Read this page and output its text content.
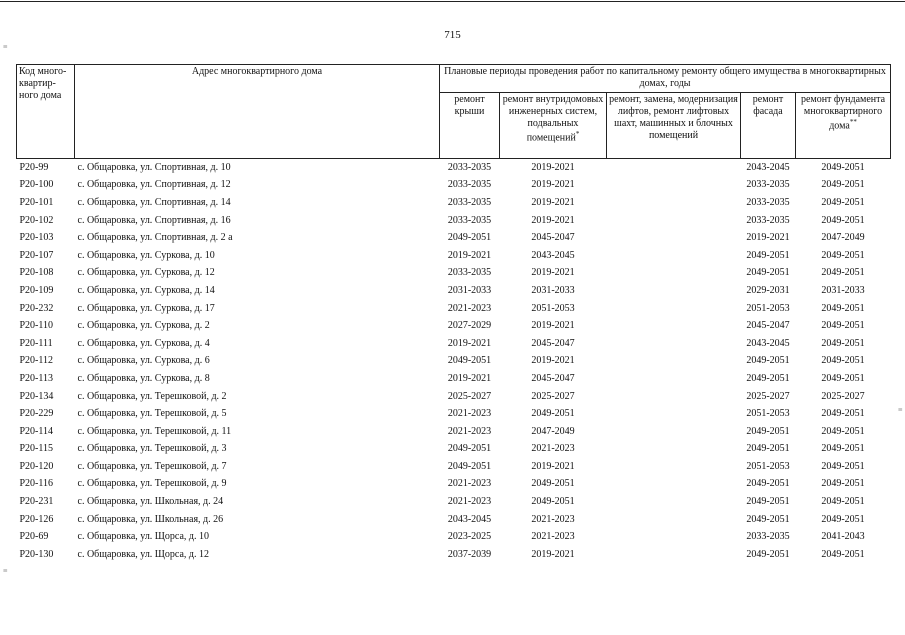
715
≡
≡
≡
Код много-квартир-ного дома	Адрес многоквартирного дома	Плановые периоды проведения работ по капитальному ремонту общего имущества в многоквартирных домах, годы				
		ремонт крыши	ремонт внутридомовых инженерных систем, подвальных помещений*	ремонт, замена, модернизация лифтов, ремонт лифтовых шахт, машинных и блочных помещений	ремонт фасада	ремонт фундамента многоквартирного дома**
Р20-99	с. Общаровка, ул. Спортивная, д. 10	2033-2035	2019-2021		2043-2045	2049-2051
Р20-100	с. Общаровка, ул. Спортивная, д. 12	2033-2035	2019-2021		2033-2035	2049-2051
Р20-101	с. Общаровка, ул. Спортивная, д. 14	2033-2035	2019-2021		2033-2035	2049-2051
Р20-102	с. Общаровка, ул. Спортивная, д. 16	2033-2035	2019-2021		2033-2035	2049-2051
Р20-103	с. Общаровка, ул. Спортивная, д. 2 а	2049-2051	2045-2047		2019-2021	2047-2049
Р20-107	с. Общаровка, ул. Суркова, д. 10	2019-2021	2043-2045		2049-2051	2049-2051
Р20-108	с. Общаровка, ул. Суркова, д. 12	2033-2035	2019-2021		2049-2051	2049-2051
Р20-109	с. Общаровка, ул. Суркова, д. 14	2031-2033	2031-2033		2029-2031	2031-2033
Р20-232	с. Общаровка, ул. Суркова, д. 17	2021-2023	2051-2053		2051-2053	2049-2051
Р20-110	с. Общаровка, ул. Суркова, д. 2	2027-2029	2019-2021		2045-2047	2049-2051
Р20-111	с. Общаровка, ул. Суркова, д. 4	2019-2021	2045-2047		2043-2045	2049-2051
Р20-112	с. Общаровка, ул. Суркова, д. 6	2049-2051	2019-2021		2049-2051	2049-2051
Р20-113	с. Общаровка, ул. Суркова, д. 8	2019-2021	2045-2047		2049-2051	2049-2051
Р20-134	с. Общаровка, ул. Терешковой, д. 2	2025-2027	2025-2027		2025-2027	2025-2027
Р20-229	с. Общаровка, ул. Терешковой, д. 5	2021-2023	2049-2051		2051-2053	2049-2051
Р20-114	с. Общаровка, ул. Терешковой, д. 11	2021-2023	2047-2049		2049-2051	2049-2051
Р20-115	с. Общаровка, ул. Терешковой, д. 3	2049-2051	2021-2023		2049-2051	2049-2051
Р20-120	с. Общаровка, ул. Терешковой, д. 7	2049-2051	2019-2021		2051-2053	2049-2051
Р20-116	с. Общаровка, ул. Терешковой, д. 9	2021-2023	2049-2051		2049-2051	2049-2051
Р20-231	с. Общаровка, ул. Школьная, д. 24	2021-2023	2049-2051		2049-2051	2049-2051
Р20-126	с. Общаровка, ул. Школьная, д. 26	2043-2045	2021-2023		2049-2051	2049-2051
Р20-69	с. Общаровка, ул. Щорса, д. 10	2023-2025	2021-2023		2033-2035	2041-2043
Р20-130	с. Общаровка, ул. Щорса, д. 12	2037-2039	2019-2021		2049-2051	2049-2051
